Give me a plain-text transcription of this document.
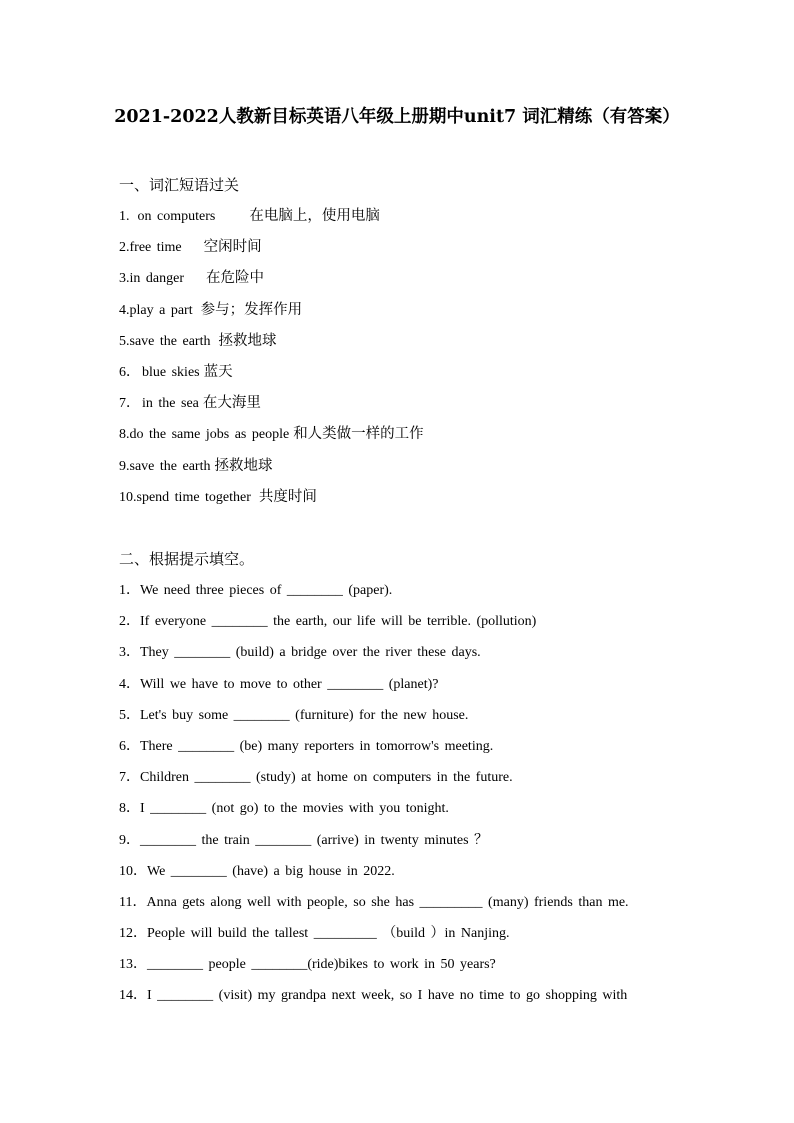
2021-2022人教新目标英语八年级上册期中unit7 词汇精练（有答案）
一、词汇短语过关
1. on computers 在电脑上，使用电脑
2.free time 空闲时间
3.in danger 在危险中
4.play a part 参与；发挥作用
5.save the earth 拯救地球
6． blue skies 蓝天
7． in the sea 在大海里
8.do the same jobs as people 和人类做一样的工作
9.save the earth 拯救地球
10.spend time together 共度时间
二、根据提示填空。
1．We need three pieces of ________ (paper).
2．If everyone ________ the earth, our life will be terrible. (pollution)
3．They ________ (build) a bridge over the river these days.
4．Will we have to move to other ________ (planet)?
5．Let's buy some ________ (furniture) for the new house.
6．There ________ (be) many reporters in tomorrow's meeting.
7．Children ________ (study) at home on computers in the future.
8．I ________ (not go) to the movies with you tonight.
9．________ the train ________ (arrive) in twenty minutes ？
10．We ________ (have) a big house in 2022.
11．Anna gets along well with people, so she has _________ (many) friends than me.
12．People will build the tallest _________ （build ）in Nanjing.
13．________ people ________(ride)bikes to work in 50 years?
14．I ________ (visit) my grandpa next week, so I have no time to go shopping with
